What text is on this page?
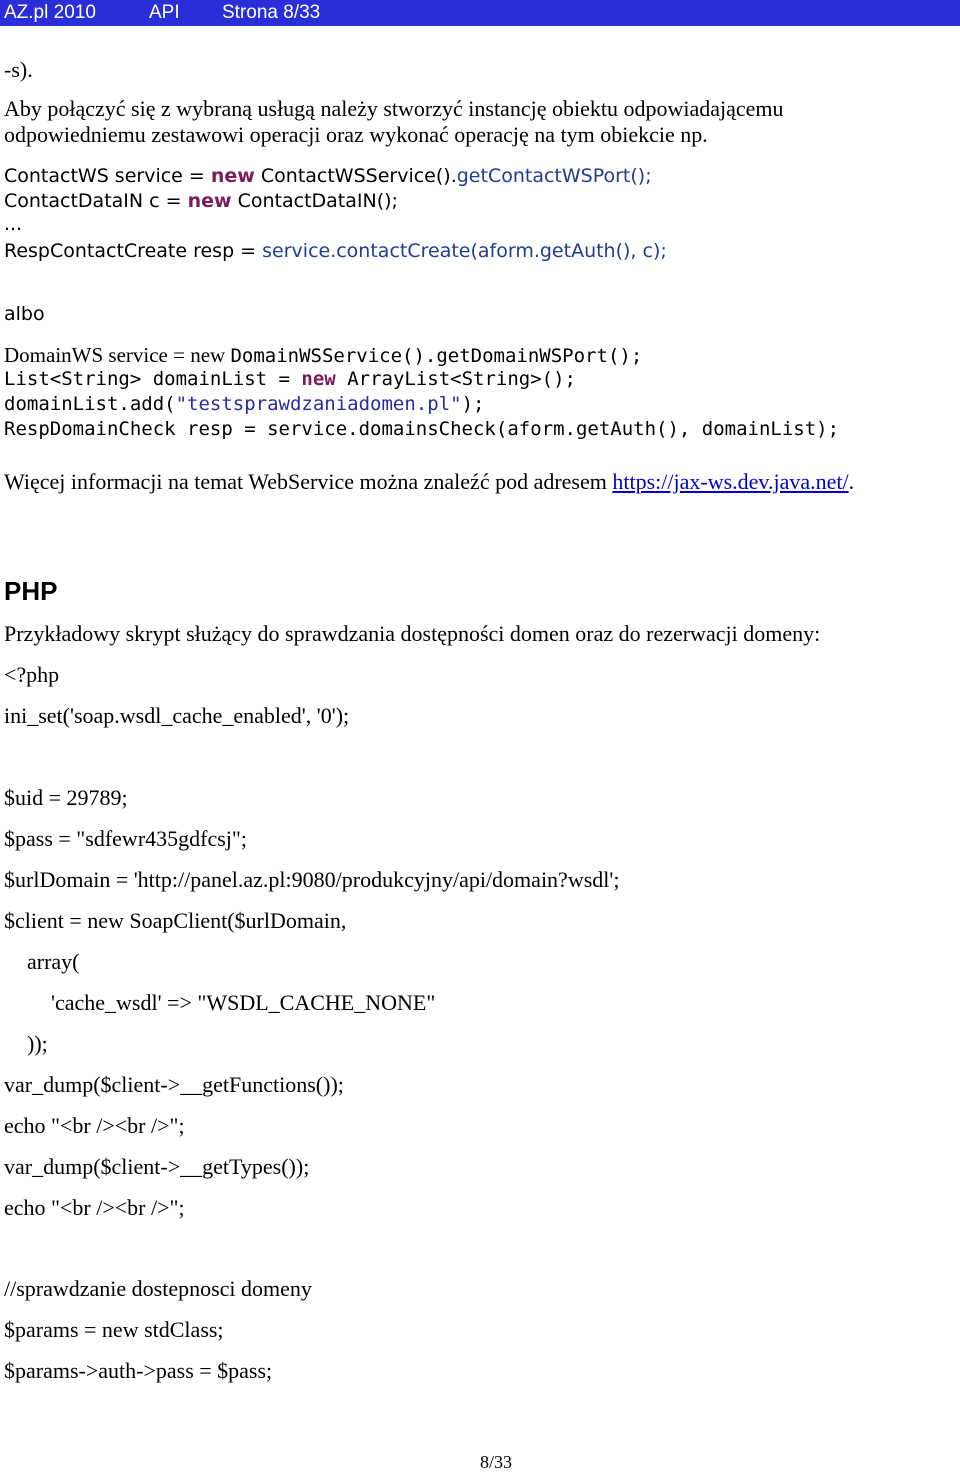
AZ.pl 2010	API Strona 8/33
-s).
Aby połączyć się z wybraną usługą należy stworzyć instancję obiektu odpowiadającemu
odpowiedniemu zestawowi operacji oraz wykonać operację na tym obiekcie np.
ContactWS service = new ContactWSService().getContactWSPort();
ContactDataIN c = new ContactDataIN();
...
RespContactCreate resp = service.contactCreate(aform.getAuth(), c);
albo
DomainWS service = new DomainWSService().getDomainWSPort();
List<String> domainList = new ArrayList<String>();
domainList.add("testsprawdzaniadomen.pl");
RespDomainCheck resp = service.domainsCheck(aform.getAuth(), domainList);
Więcej informacji na temat WebService można znaleźć pod adresem https://jax-ws.dev.java.net/.
PHP
Przykładowy skrypt służący do sprawdzania dostępności domen oraz do rezerwacji domeny:
<?php
ini_set('soap.wsdl_cache_enabled', '0');
$uid = 29789;
$pass = "sdfewr435gdfcsj";
$urlDomain = 'http://panel.az.pl:9080/produkcyjny/api/domain?wsdl';
$client = new SoapClient($urlDomain,
array(
'cache_wsdl' => "WSDL_CACHE_NONE"
));
var_dump($client->__getFunctions());
echo "<br /><br />";
var_dump($client->__getTypes());
echo "<br /><br />";
//sprawdzanie dostepnosci domeny
$params = new stdClass;
$params->auth->pass = $pass;
8/33
